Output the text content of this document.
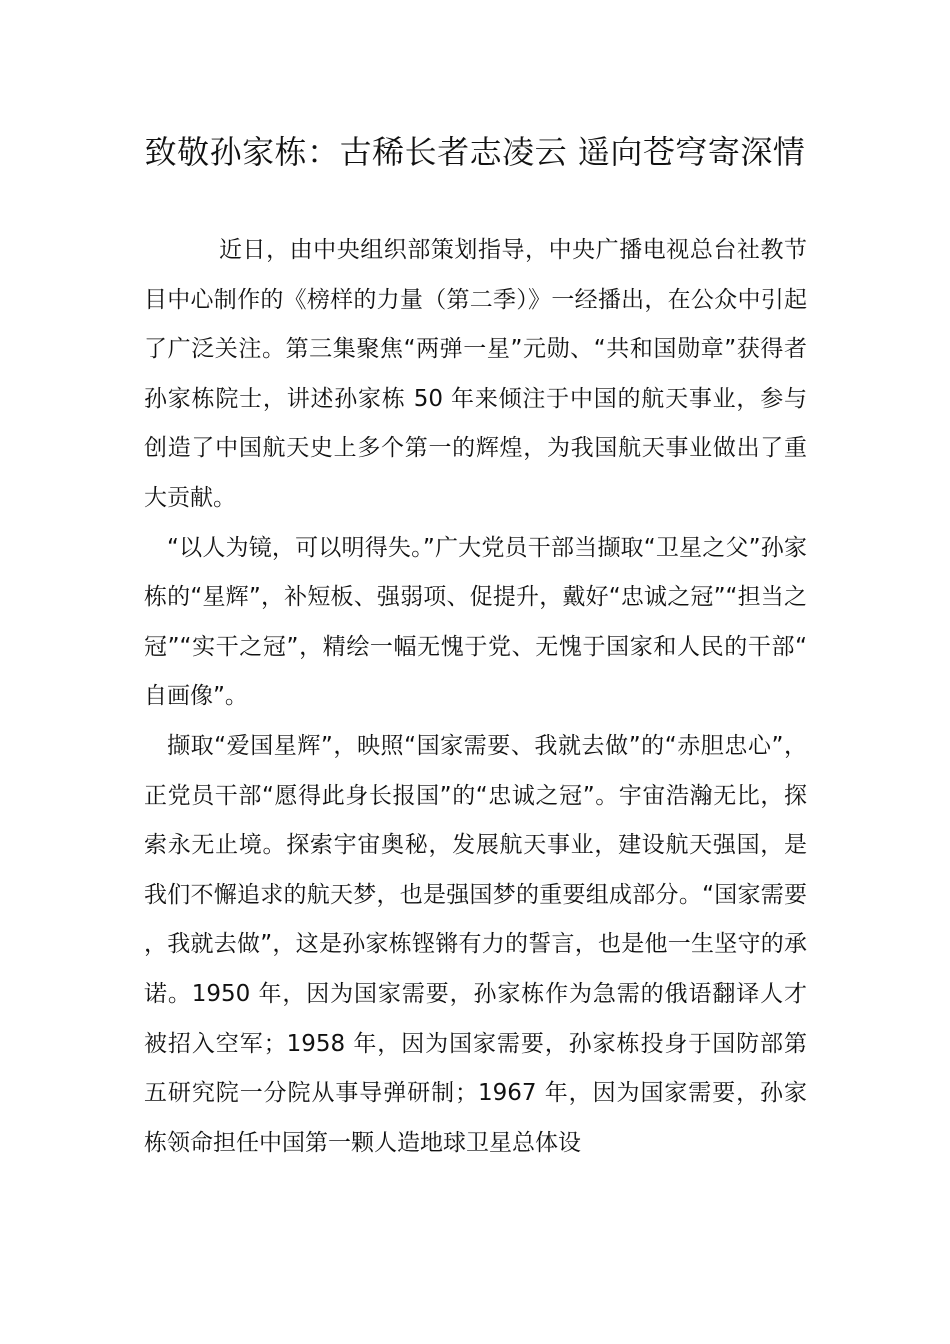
致敬孙家栋：古稀长者志凌云 遥向苍穹寄深情

近日，由中央组织部策划指导，中央广播电视总台社教节目中心制作的《榜样的力量（第二季）》一经播出，在公众中引起了广泛关注。第三集聚焦“两弹一星”元勋、“共和国勋章”获得者孙家栋院士，讲述孙家栋 50 年来倾注于中国的航天事业，参与创造了中国航天史上多个第一的辉煌，为我国航天事业做出了重大贡献。

“以人为镜，可以明得失。”广大党员干部当撷取“卫星之父”孙家栋的“星辉”，补短板、强弱项、促提升，戴好“忠诚之冠”“担当之冠”“实干之冠”，精绘一幅无愧于党、无愧于国家和人民的干部“自画像”。

撷取“爱国星辉”，映照“国家需要、我就去做”的“赤胆忠心”，正党员干部“愿得此身长报国”的“忠诚之冠”。宇宙浩瀚无比，探索永无止境。探索宇宙奥秘，发展航天事业，建设航天强国，是我们不懈追求的航天梦，也是强国梦的重要组成部分。“国家需要，我就去做”，这是孙家栋铿锵有力的誓言，也是他一生坚守的承诺。1950 年，因为国家需要，孙家栋作为急需的俄语翻译人才被招入空军；1958 年，因为国家需要，孙家栋投身于国防部第五研究院一分院从事导弹研制；1967 年，因为国家需要，孙家栋领命担任中国第一颗人造地球卫星总体设
